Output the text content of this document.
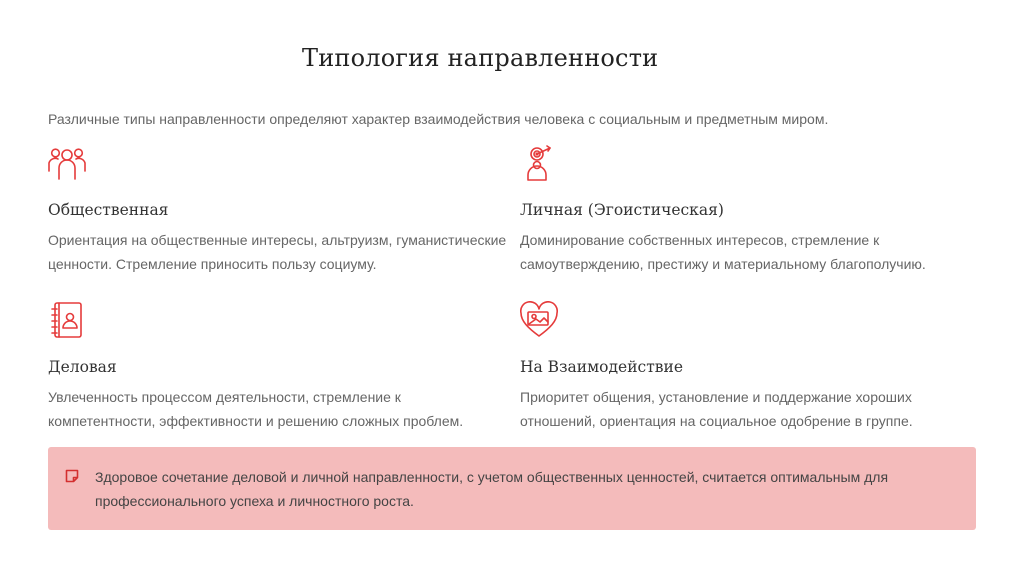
Типология направленности

Различные типы направленности определяют характер взаимодействия человека с социальным и предметным миром.

Общественная

Ориентация на общественные интересы, альтруизм, гуманистические ценности. Стремление приносить пользу социуму.

Личная (Эгоистическая)

Доминирование собственных интересов, стремление к самоутверждению, престижу и материальному благополучию.

Деловая

Увлеченность процессом деятельности, стремление к компетентности, эффективности и решению сложных проблем.

На Взаимодействие

Приоритет общения, установление и поддержание хороших отношений, ориентация на социальное одобрение в группе.

Здоровое сочетание деловой и личной направленности, с учетом общественных ценностей, считается оптимальным для профессионального успеха и личностного роста.
